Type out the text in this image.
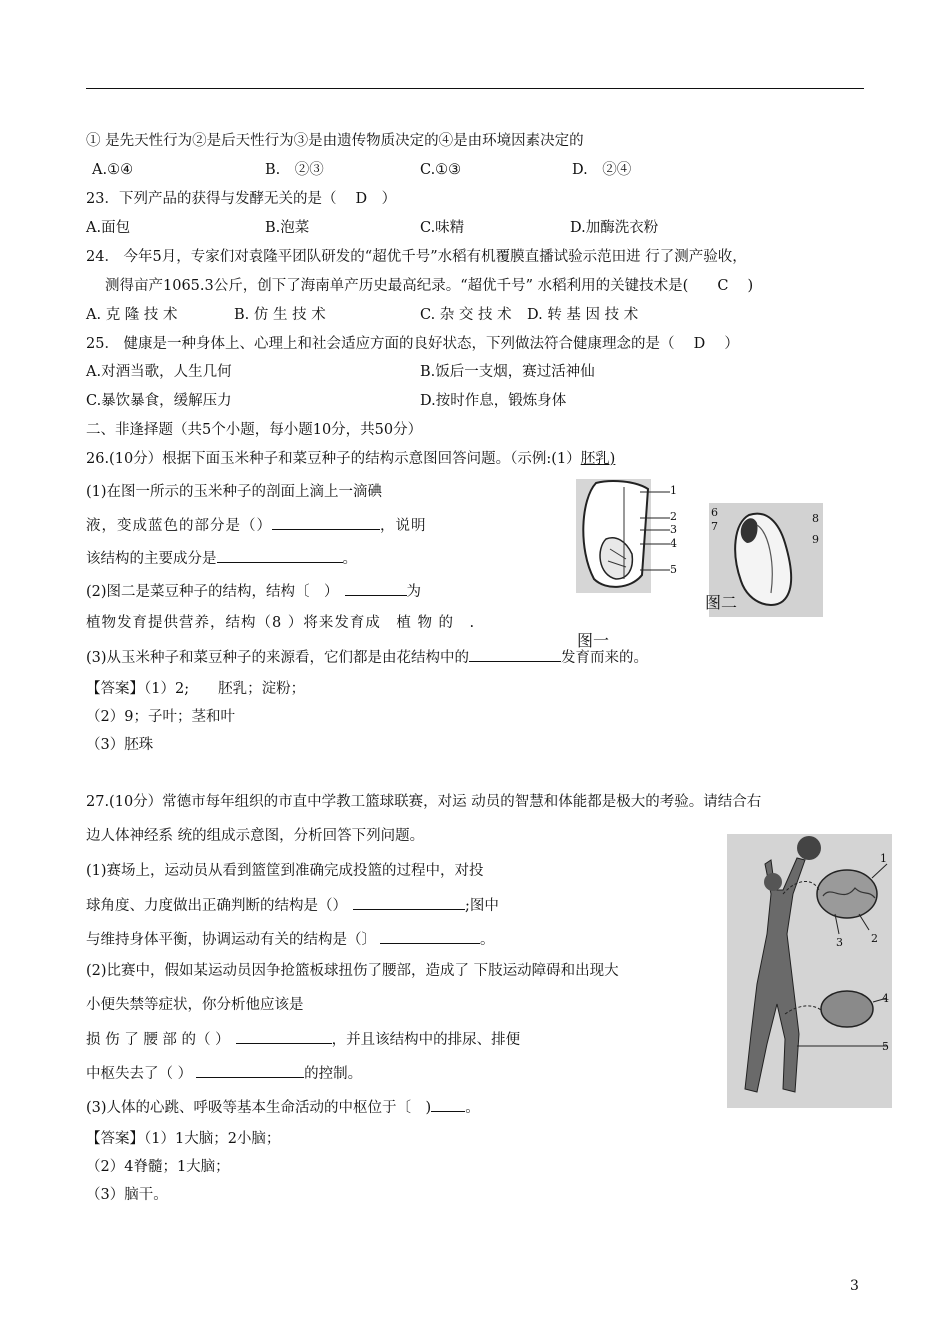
① 是先天性行为②是后天性行为③是由遗传物质决定的④是由环境因素决定的
A.①④	B.　②③	C.①③	D.　②④
23．下列产品的获得与发酵无关的是（　 D　）
A.面包	B.泡菜	C.味精	D.加酶洗衣粉
24． 今年5月，专家们对袁隆平团队研发的“超优千号”水稻有机覆膜直播试验示范田进 行了测产验收，
测得亩产1065.3公斤，创下了海南单产历史最高纪录。“超优千号” 水稻利用的关键技术是(　　C　 )
A. 克 隆 技 术	B. 仿 生 技 术	C. 杂 交 技 术 D. 转 基 因 技 术
25． 健康是一种身体上、心理上和社会适应方面的良好状态，下列做法符合健康理念的是（　 D　 ）
A.对酒当歌，人生几何	B.饭后一支烟，赛过活神仙
C.暴饮暴食，缓解压力	D.按时作息，锻炼身体
二、非逢择题（共5个小题，每小题10分，共50分）
26.(10分）根据下面玉米种子和菜豆种子的结构示意图回答问题。（示例:(1）胚乳)
(1)在图一所示的玉米种子的剖面上滴上一滴碘
液，变成蓝色的部分是（）	，说明
该结构的主要成分是	。
(2)图二是菜豆种子的结构，结构〔　）	为
植物发育提供营养，结构（8 ）将来发育成　植 物 的　.
(3)从玉米种子和菜豆种子的来源看，它们都是由花结构中的	发育而来的。
【答案】（1）2;　　胚乳；淀粉；
（2）9；子叶；茎和叶
（3）胚珠
1
2
3
4
5
图一
6
7
8
9
图二
27.(10分）常德市每年组织的市直中学教工篮球联赛，对运 动员的智慧和体能都是极大的考验。请结合右
边人体神经系 统的组成示意图，分析回答下列问题。
(1)赛场上，运动员从看到篮筐到准确完成投篮的过程中，对投
球角度、力度做出正确判断的结构是（）	;图中
与维持身体平衡，协调运动有关的结构是（〕	。
(2)比赛中，假如某运动员因争抢篮板球扭伤了腰部，造成了 下肢运动障碍和出现大
小便失禁等症状，你分析他应该是
损 伤 了 腰 部 的（ ）	，并且该结构中的排尿、排便
中枢失去了（ ）	的控制。
(3)人体的心跳、呼吸等基本生命活动的中枢位于〔　) 。
【答案】（1）1大脑；2小脑；
（2）4脊髓；1大脑；
（3）脑干。
1
3	2
4
5
3
